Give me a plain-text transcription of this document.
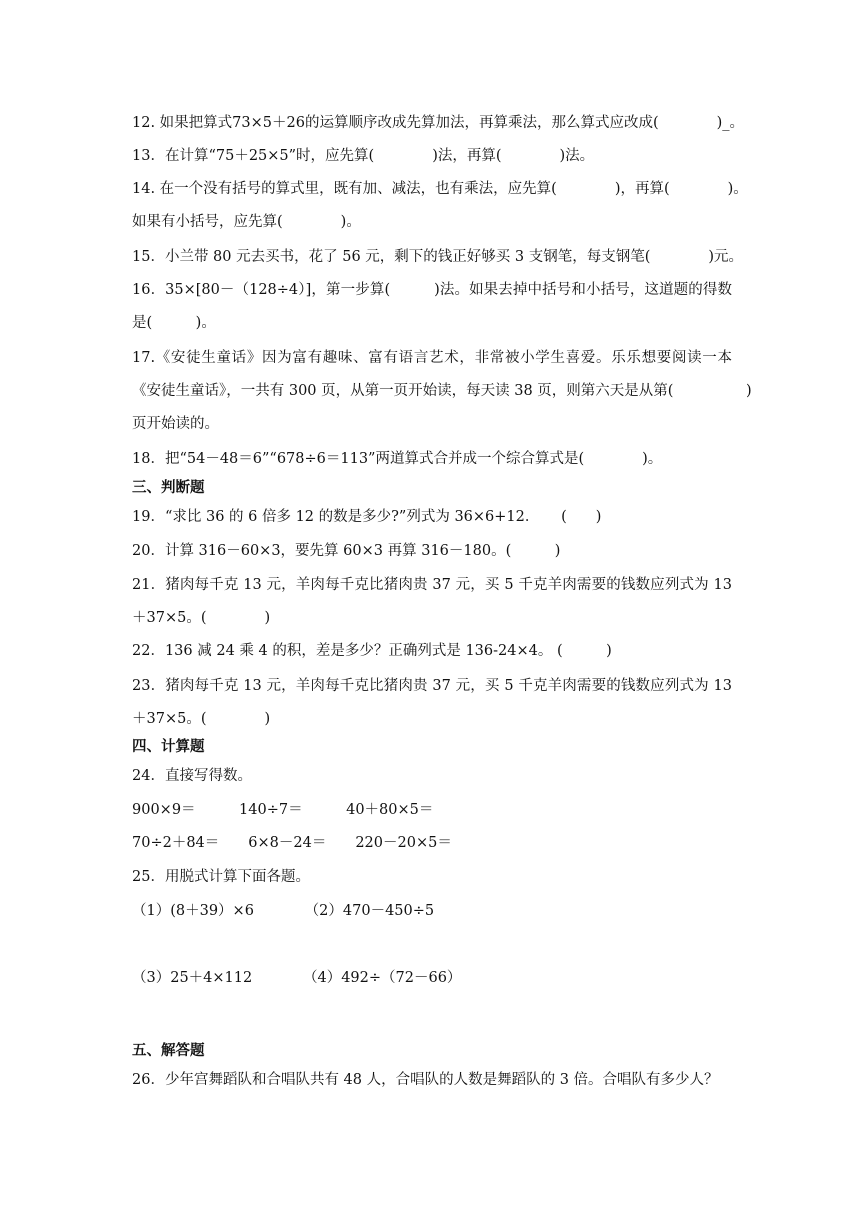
12. 如果把算式73×5＋26的运算顺序改成先算加法，再算乘法，那么算式应改成(　　　　)_。
13．在计算“75＋25×5”时，应先算(　　　　)法，再算(　　　　)法。
14. 在一个没有括号的算式里，既有加、减法，也有乘法，应先算(　　　　)，再算(　　　　)。
如果有小括号，应先算(　　　　)。
15．小兰带 80 元去买书，花了 56 元，剩下的钱正好够买 3 支钢笔，每支钢笔(　　　　)元。
16．35×[80－（128÷4）]，第一步算(　　　)法。如果去掉中括号和小括号，这道题的得数
是(　　　)。
17.《安徒生童话》因为富有趣味、富有语言艺术，非常被小学生喜爱。乐乐想要阅读一本
《安徒生童话》，一共有 300 页，从第一页开始读，每天读 38 页，则第六天是从第(　　　　　)
页开始读的。
18．把“54－48＝6”“678÷6＝113”两道算式合并成一个综合算式是(　　　　)。
三、判断题
19．“求比 36 的 6 倍多 12 的数是多少?”列式为 36×6+12．　　(　　)
20．计算 316－60×3，要先算 60×3 再算 316－180。(　　　)
21．猪肉每千克 13 元，羊肉每千克比猪肉贵 37 元，买 5 千克羊肉需要的钱数应列式为 13
＋37×5。(　　　　)
22．136 减 24 乘 4 的积，差是多少？正确列式是 136-24×4。 (　　　)
23．猪肉每千克 13 元，羊肉每千克比猪肉贵 37 元，买 5 千克羊肉需要的钱数应列式为 13
＋37×5。(　　　　)
四、计算题
24．直接写得数。
900×9＝　　　140÷7＝　　　40＋80×5＝
70÷2＋84＝　　6×8－24＝　　220－20×5＝
25．用脱式计算下面各题。
（1）(8＋39）×6　　　　（2）470－450÷5
（3）25＋4×112　　　　（4）492÷（72－66）
五、解答题
26．少年宫舞蹈队和合唱队共有 48 人，合唱队的人数是舞蹈队的 3 倍。合唱队有多少人？
